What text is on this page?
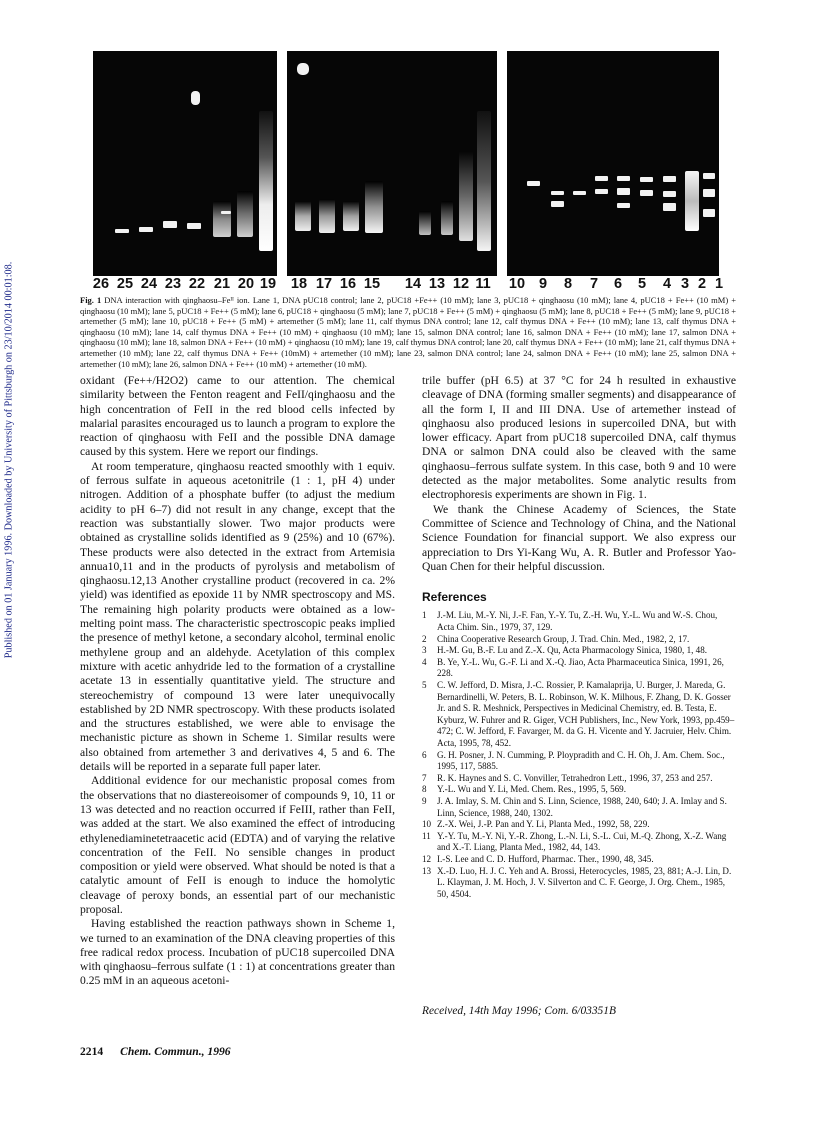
Published on 01 January 1996. Downloaded by University of Pittsburgh on 23/10/2014 00:01:08.	26 25 24 23 22 21 20 19 18 17 16 15 14 13 12 11 10 9 8 7 6 5 4 3 2 1
Fig. 1 DNA interaction with qinghaosu–Feᴵᴵ ion. Lane 1, DNA pUC18 control; lane 2, pUC18 +Fe++ (10 mM); lane 3, pUC18 + qinghaosu (10 mM); lane 4, pUC18 + Fe++ (10 mM) + qinghaosu (10 mM); lane 5, pUC18 + Fe++ (5 mM); lane 6, pUC18 + qinghaosu (5 mM); lane 7, pUC18 + Fe++ (5 mM) + qinghaosu (5 mM); lane 8, pUC18 + Fe++ (5 mM); lane 9, pUC18 + artemether (5 mM); lane 10, pUC18 + Fe++ (5 mM) + artemether (5 mM); lane 11, calf thymus DNA control; lane 12, calf thymus DNA + Fe++ (10 mM); lane 13, calf thymus DNA + qinghaosu (10 mM); lane 14, calf thymus DNA + Fe++ (10 mM) + qinghaosu (10 mM); lane 15, salmon DNA control; lane 16, salmon DNA + Fe++ (10 mM); lane 17, salmon DNA + qinghaosu (10 mM); lane 18, salmon DNA + Fe++ (10 mM) + qinghaosu (10 mM); lane 19, calf thymus DNA control; lane 20, calf thymus DNA + Fe++ (10 mM); lane 21, calf thymus DNA + artemether (10 mM); lane 22, calf thymus DNA + Fe++ (10mM) + artemether (10 mM); lane 23, salmon DNA control; lane 24, salmon DNA + Fe++ (10 mM); lane 25, salmon DNA + artemether (10 mM); lane 26, salmon DNA + Fe++ (10 mM) + artemether (10 mM).

oxidant (Fe++/H2O2) came to our attention. The chemical similarity between the Fenton reagent and FeII/qinghaosu and the high concentration of FeII in the red blood cells infected by malarial parasites encouraged us to launch a program to explore the reaction of qinghaosu with FeII and the possible DNA damage caused by this system. Here we report our findings.

At room temperature, qinghaosu reacted smoothly with 1 equiv. of ferrous sulfate in aqueous acetonitrile (1 : 1, pH 4) under nitrogen. Addition of a phosphate buffer (to adjust the medium acidity to pH 6–7) did not result in any change, except that the reaction was substantially slower. Two major products were obtained as crystalline solids identified as 9 (25%) and 10 (67%). These products were also detected in the extract from Artemisia annua10,11 and in the products of pyrolysis and metabolism of qinghaosu.12,13 Another crystalline product (recovered in ca. 2% yield) was identified as epoxide 11 by NMR spectroscopy and MS. The remaining high polarity products were obtained as a low-melting point mass. The characteristic spectroscopic peaks implied the presence of methyl ketone, a secondary alcohol, terminal enolic methylene group and an aldehyde. Acetylation of this complex mixture with acetic anhydride led to the formation of a crystalline acetate 13 in essentially quantitative yield. The structure and stereochemistry of compound 13 were later unequivocally established by 2D NMR spectroscopy. With these products isolated and the structures established, we were able to envisage the mechanistic picture as shown in Scheme 1. Similar results were also obtained from artemether 3 and derivatives 4, 5 and 6. The details will be reported in a separate full paper later.

Additional evidence for our mechanistic proposal comes from the observations that no diastereoisomer of compounds 9, 10, 11 or 13 was detected and no reaction occurred if FeIII, rather than FeII, was added at the start. We also examined the effect of introducing ethylenediaminetetraacetic acid (EDTA) and of varying the relative concentration of the FeII. No sensible changes in product composition or yield were observed. What should be noted is that a catalytic amount of FeII is enough to induce the homolytic cleavage of peroxy bonds, an essential part of our mechanistic proposal.

Having established the reaction pathways shown in Scheme 1, we turned to an examination of the DNA cleaving properties of this free radical redox process. Incubation of pUC18 supercoiled DNA with qinghaosu–ferrous sulfate (1 : 1) at concentrations greater than 0.25 mM in an aqueous acetoni-

trile buffer (pH 6.5) at 37 °C for 24 h resulted in exhaustive cleavage of DNA (forming smaller segments) and disappearance of all the form I, II and III DNA. Use of artemether instead of qinghaosu also produced lesions in supercoiled DNA, but with lower efficacy. Apart from pUC18 supercoiled DNA, calf thymus DNA or salmon DNA could also be cleaved with the same qinghaosu–ferrous sulfate system. In this case, both 9 and 10 were detected as the major metabolites. Some analytic results from electrophoresis experiments are shown in Fig. 1.

We thank the Chinese Academy of Sciences, the State Committee of Science and Technology of China, and the National Science Foundation for financial support. We also express our appreciation to Drs Yi-Kang Wu, A. R. Butler and Professor Yao-Quan Chen for their helpful discussion.

References
1 J.-M. Liu, M.-Y. Ni, J.-F. Fan, Y.-Y. Tu, Z.-H. Wu, Y.-L. Wu and W.-S. Chou, Acta Chim. Sin., 1979, 37, 129.
2 China Cooperative Research Group, J. Trad. Chin. Med., 1982, 2, 17.
3 H.-M. Gu, B.-F. Lu and Z.-X. Qu, Acta Pharmacology Sinica, 1980, 1, 48.
4 B. Ye, Y.-L. Wu, G.-F. Li and X.-Q. Jiao, Acta Pharmaceutica Sinica, 1991, 26, 228.
5 C. W. Jefford, D. Misra, J.-C. Rossier, P. Kamalaprija, U. Burger, J. Mareda, G. Bernardinelli, W. Peters, B. L. Robinson, W. K. Milhous, F. Zhang, D. K. Gosser Jr. and S. R. Meshnick, Perspectives in Medicinal Chemistry, ed. B. Testa, E. Kyburz, W. Fuhrer and R. Giger, VCH Publishers, Inc., New York, 1993, pp.459–472; C. W. Jefford, F. Favarger, M. da G. H. Vicente and Y. Jacruier, Helv. Chim. Acta, 1995, 78, 452.
6 G. H. Posner, J. N. Cumming, P. Ploypradith and C. H. Oh, J. Am. Chem. Soc., 1995, 117, 5885.
7 R. K. Haynes and S. C. Vonviller, Tetrahedron Lett., 1996, 37, 253 and 257.
8 Y.-L. Wu and Y. Li, Med. Chem. Res., 1995, 5, 569.
9 J. A. Imlay, S. M. Chin and S. Linn, Science, 1988, 240, 640; J. A. Imlay and S. Linn, Science, 1988, 240, 1302.
10 Z.-X. Wei, J.-P. Pan and Y. Li, Planta Med., 1992, 58, 229.
11 Y.-Y. Tu, M.-Y. Ni, Y.-R. Zhong, L.-N. Li, S.-L. Cui, M.-Q. Zhong, X.-Z. Wang and X.-T. Liang, Planta Med., 1982, 44, 143.
12 I.-S. Lee and C. D. Hufford, Pharmac. Ther., 1990, 48, 345.
13 X.-D. Luo, H. J. C. Yeh and A. Brossi, Heterocycles, 1985, 23, 881; A.-J. Lin, D. L. Klayman, J. M. Hoch, J. V. Silverton and C. F. George, J. Org. Chem., 1985, 50, 4504.
Received, 14th May 1996; Com. 6/03351B
2214 Chem. Commun., 1996
